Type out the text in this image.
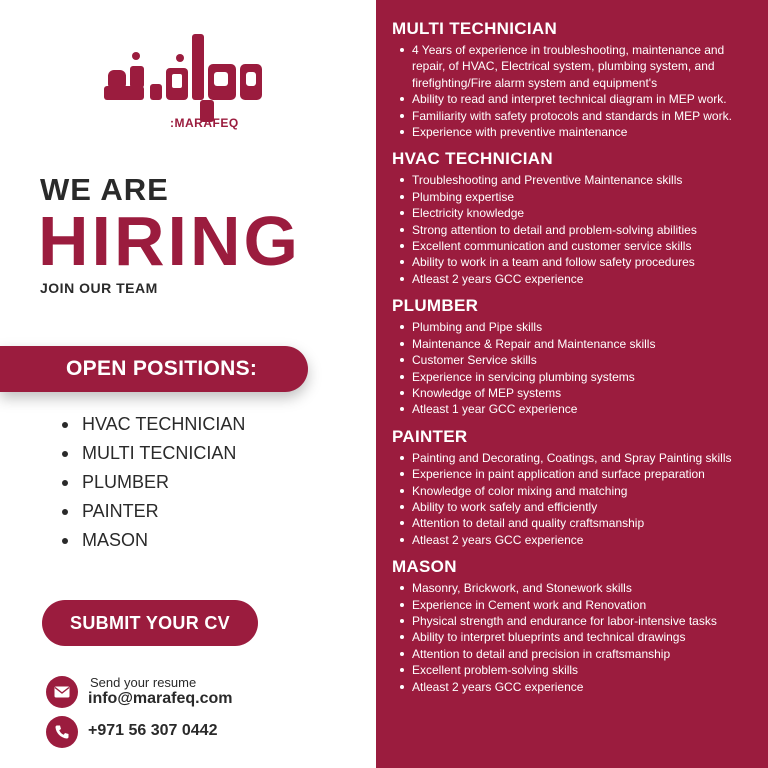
:MARAFEQ
WE ARE
HIRING
JOIN OUR TEAM
OPEN POSITIONS:
HVAC TECHNICIAN
MULTI TECNICIAN
PLUMBER
PAINTER
MASON
SUBMIT YOUR CV
Send your resume
info@marafeq.com
+971 56 307 0442
MULTI TECHNICIAN
4 Years of experience in troubleshooting, maintenance and repair, of HVAC, Electrical system, plumbing system, and firefighting/Fire alarm system and equipment's
Ability to read and interpret technical diagram in MEP work.
Familiarity with safety protocols and standards in MEP work.
Experience with preventive maintenance
HVAC TECHNICIAN
Troubleshooting and Preventive Maintenance skills
Plumbing expertise
Electricity knowledge
Strong attention to detail and problem-solving abilities
Excellent communication and customer service skills
Ability to work in a team and follow safety procedures
Atleast 2 years GCC experience
PLUMBER
Plumbing and Pipe skills
Maintenance & Repair and Maintenance skills
Customer Service skills
Experience in servicing plumbing systems
Knowledge of MEP systems
Atleast 1 year GCC experience
PAINTER
Painting and Decorating, Coatings, and Spray Painting skills
Experience in paint application and surface preparation
Knowledge of color mixing and matching
Ability to work safely and efficiently
Attention to detail and quality craftsmanship
Atleast 2 years GCC experience
MASON
Masonry, Brickwork, and Stonework skills
Experience in Cement work and Renovation
Physical strength and endurance for labor-intensive tasks
Ability to interpret blueprints and technical drawings
Attention to detail and precision in craftsmanship
Excellent problem-solving skills
Atleast 2 years GCC experience
